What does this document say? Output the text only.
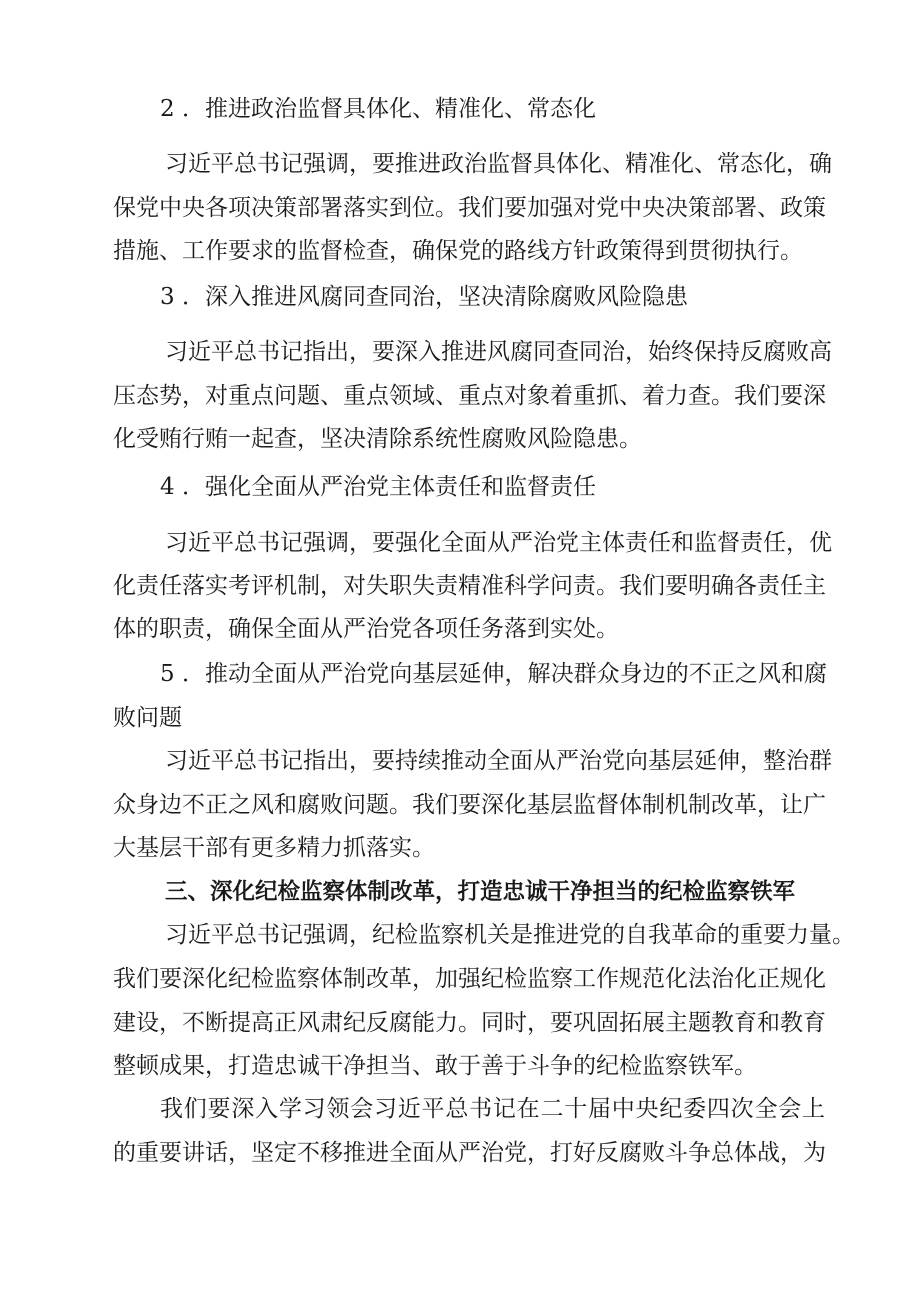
2 ．推进政治监督具体化、精准化、常态化
习近平总书记强调，要推进政治监督具体化、精准化、常态化，确
保党中央各项决策部署落实到位。我们要加强对党中央决策部署、政策
措施、工作要求的监督检查，确保党的路线方针政策得到贯彻执行。
3 ．深入推进风腐同查同治，坚决清除腐败风险隐患
习近平总书记指出，要深入推进风腐同查同治，始终保持反腐败高
压态势，对重点问题、重点领域、重点对象着重抓、着力查。我们要深
化受贿行贿一起查，坚决清除系统性腐败风险隐患。
4 ．强化全面从严治党主体责任和监督责任
习近平总书记强调，要强化全面从严治党主体责任和监督责任，优
化责任落实考评机制，对失职失责精准科学问责。我们要明确各责任主
体的职责，确保全面从严治党各项任务落到实处。
5 ．推动全面从严治党向基层延伸，解决群众身边的不正之风和腐
败问题
习近平总书记指出，要持续推动全面从严治党向基层延伸，整治群
众身边不正之风和腐败问题。我们要深化基层监督体制机制改革，让广
大基层干部有更多精力抓落实。
三、深化纪检监察体制改革，打造忠诚干净担当的纪检监察铁军
习近平总书记强调，纪检监察机关是推进党的自我革命的重要力量。
我们要深化纪检监察体制改革，加强纪检监察工作规范化法治化正规化
建设，不断提高正风肃纪反腐能力。同时，要巩固拓展主题教育和教育
整顿成果，打造忠诚干净担当、敢于善于斗争的纪检监察铁军。
我们要深入学习领会习近平总书记在二十届中央纪委四次全会上
的重要讲话，坚定不移推进全面从严治党，打好反腐败斗争总体战，为
